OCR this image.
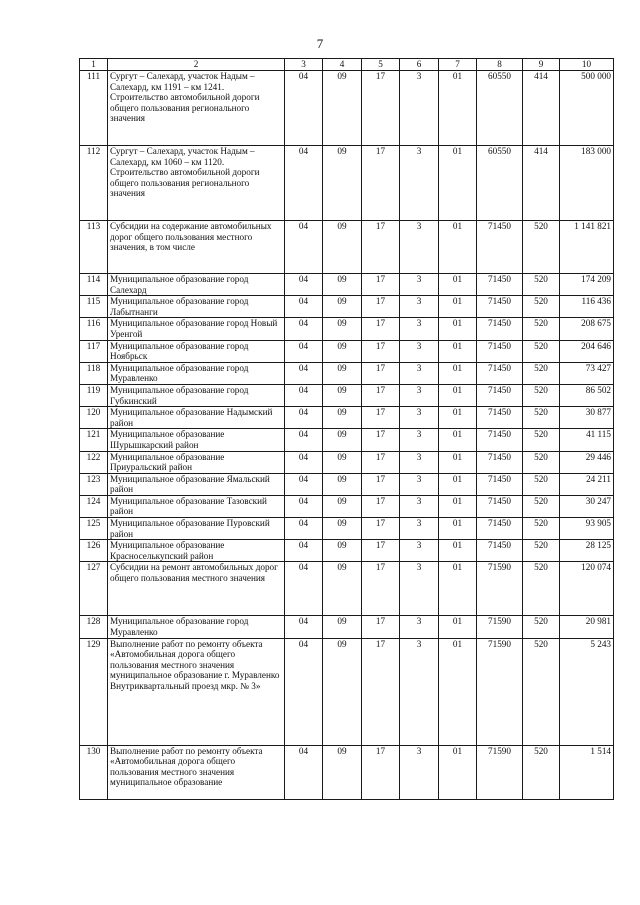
7
1	2	3	4	5	6	7	8	9	10
111	Сургут – Салехард, участок Надым – Салехард, км 1191 – км 1241. Строительство автомобильной дороги общего пользования регионального значения	04	09	17	3	01	60550	414	500 000
112	Сургут – Салехард, участок Надым – Салехард, км 1060 – км 1120. Строительство автомобильной дороги общего пользования регионального значения	04	09	17	3	01	60550	414	183 000
113	Субсидии на содержание автомобильных дорог общего пользования местного значения, в том числе	04	09	17	3	01	71450	520	1 141 821
114	Муниципальное образование город Салехард	04	09	17	3	01	71450	520	174 209
115	Муниципальное образование город Лабытнанги	04	09	17	3	01	71450	520	116 436
116	Муниципальное образование город Новый Уренгой	04	09	17	3	01	71450	520	208 675
117	Муниципальное образование город Ноябрьск	04	09	17	3	01	71450	520	204 646
118	Муниципальное образование город Муравленко	04	09	17	3	01	71450	520	73 427
119	Муниципальное образование город Губкинский	04	09	17	3	01	71450	520	86 502
120	Муниципальное образование Надымский район	04	09	17	3	01	71450	520	30 877
121	Муниципальное образование Шурышкарский район	04	09	17	3	01	71450	520	41 115
122	Муниципальное образование Приуральский район	04	09	17	3	01	71450	520	29 446
123	Муниципальное образование Ямальский район	04	09	17	3	01	71450	520	24 211
124	Муниципальное образование Тазовский район	04	09	17	3	01	71450	520	30 247
125	Муниципальное образование Пуровский район	04	09	17	3	01	71450	520	93 905
126	Муниципальное образование Красноселькупский район	04	09	17	3	01	71450	520	28 125
127	Субсидии на ремонт автомобильных дорог общего пользования местного значения	04	09	17	3	01	71590	520	120 074
128	Муниципальное образование город Муравленко	04	09	17	3	01	71590	520	20 981
129	Выполнение работ по ремонту объекта «Автомобильная дорога общего пользования местного значения муниципальное образование г. Муравленко Внутриквартальный проезд мкр. № 3»	04	09	17	3	01	71590	520	5 243
130	Выполнение работ по ремонту объекта «Автомобильная дорога общего пользования местного значения муниципальное образование	04	09	17	3	01	71590	520	1 514
